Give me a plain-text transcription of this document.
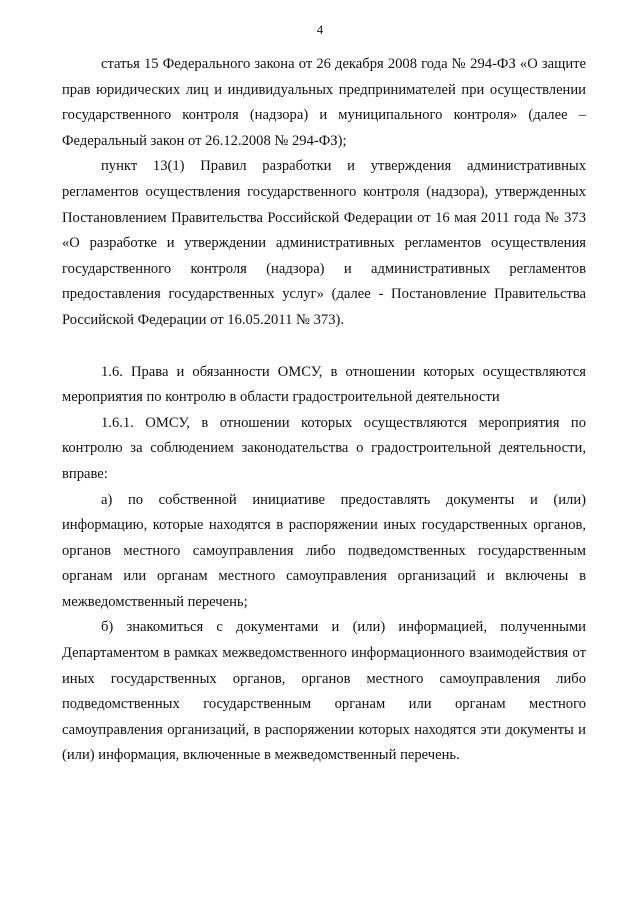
4

статья 15 Федерального закона от 26 декабря 2008 года № 294-ФЗ «О защите прав юридических лиц и индивидуальных предпринимателей при осуществлении государственного контроля (надзора) и муниципального контроля» (далее – Федеральный закон от 26.12.2008 № 294-ФЗ);

пункт 13(1) Правил разработки и утверждения административных регламентов осуществления государственного контроля (надзора), утвержденных Постановлением Правительства Российской Федерации от 16 мая 2011 года № 373 «О разработке и утверждении административных регламентов осуществления государственного контроля (надзора) и административных регламентов предоставления государственных услуг» (далее - Постановление Правительства Российской Федерации от 16.05.2011 № 373).

1.6. Права и обязанности ОМСУ, в отношении которых осуществляются мероприятия по контролю в области градостроительной деятельности

1.6.1. ОМСУ, в отношении которых осуществляются мероприятия по контролю за соблюдением законодательства о градостроительной деятельности, вправе:

а) по собственной инициативе предоставлять документы и (или) информацию, которые находятся в распоряжении иных государственных органов, органов местного самоуправления либо подведомственных государственным органам или органам местного самоуправления организаций и включены в межведомственный перечень;

б) знакомиться с документами и (или) информацией, полученными Департаментом в рамках межведомственного информационного взаимодействия от иных государственных органов, органов местного самоуправления либо подведомственных государственным органам или органам местного самоуправления организаций, в распоряжении которых находятся эти документы и (или) информация, включенные в межведомственный перечень.
